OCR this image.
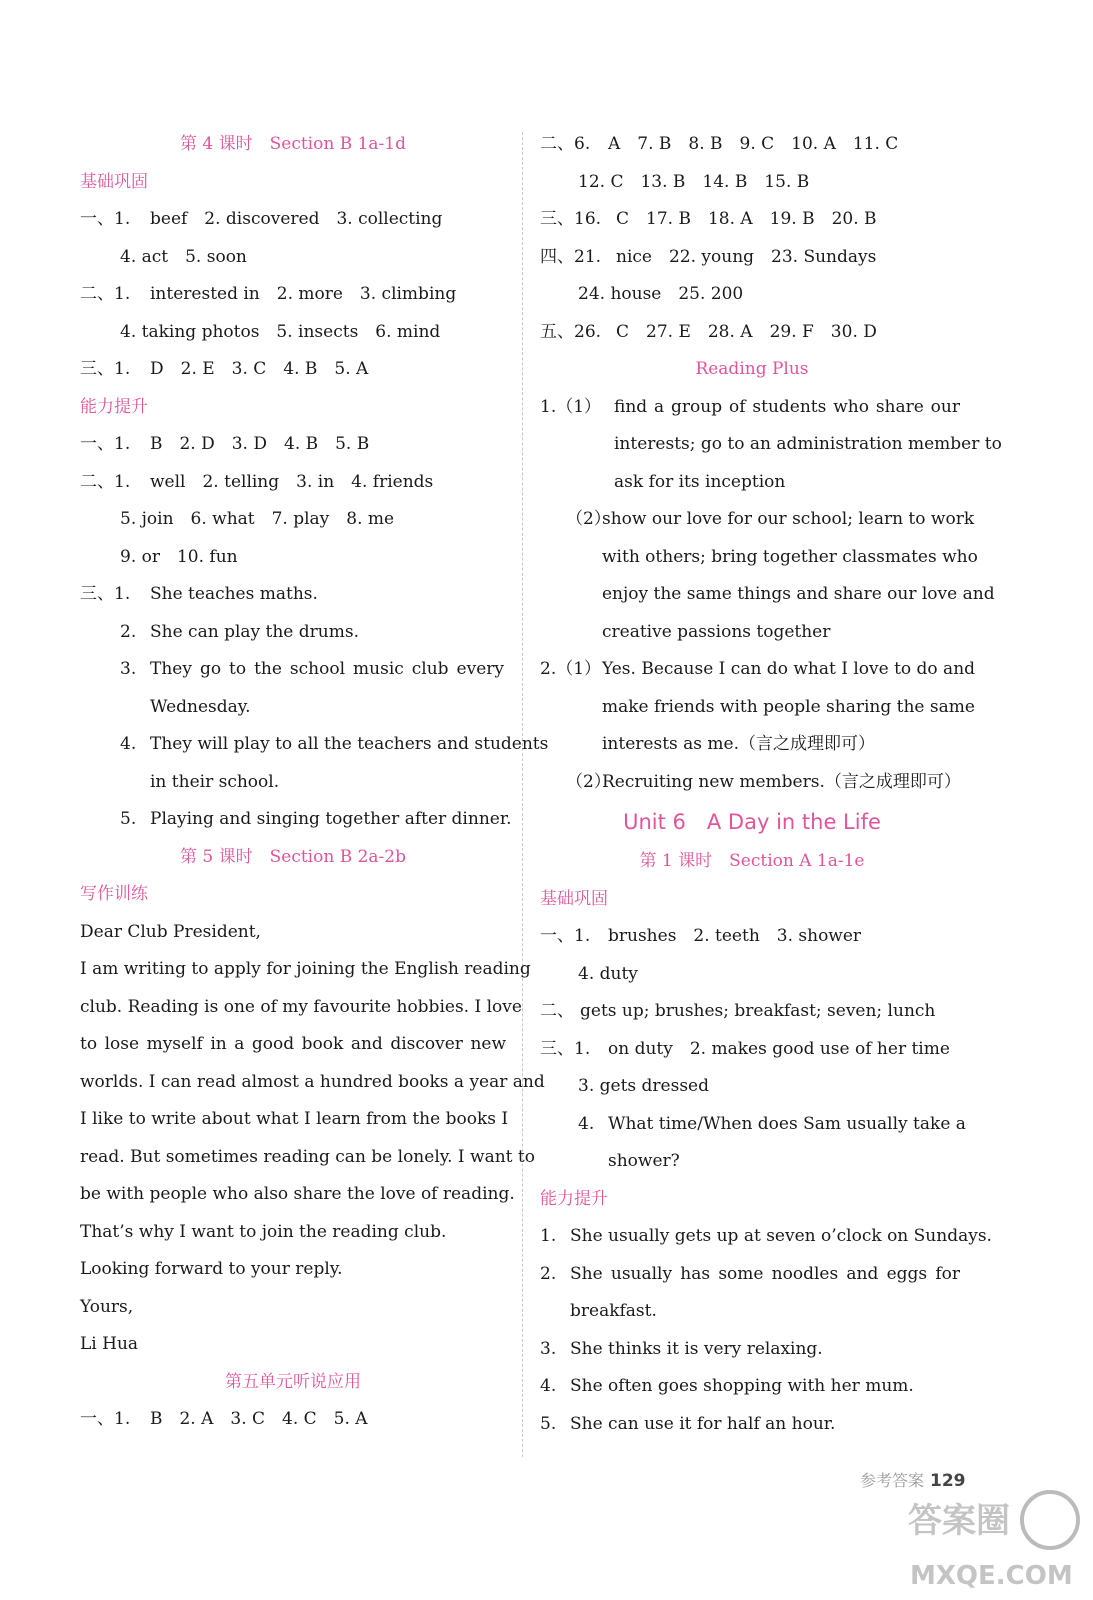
第 4 课时　Section B 1a-1d
基础巩固
一、1. beef　2. discovered　3. collecting
4. act　5. soon
二、1. interested in　2. more　3. climbing
4. taking photos　5. insects　6. mind
三、1. D　2. E　3. C　4. B　5. A
能力提升
一、1. B　2. D　3. D　4. B　5. B
二、1. well　2. telling　3. in　4. friends
5. join　6. what　7. play　8. me
9. or　10. fun
三、1. She teaches maths.
2. She can play the drums.
3. They go to the school music club every
Wednesday.
4. They will play to all the teachers and students
in their school.
5. Playing and singing together after dinner.
第 5 课时　Section B 2a-2b
写作训练
Dear Club President,
I am writing to apply for joining the English reading
club. Reading is one of my favourite hobbies. I love
to lose myself in a good book and discover new
worlds. I can read almost a hundred books a year and
I like to write about what I learn from the books I
read. But sometimes reading can be lonely. I want to
be with people who also share the love of reading.
That’s why I want to join the reading club.
Looking forward to your reply.
Yours,
Li Hua
第五单元听说应用
一、1. B　2. A　3. C　4. C　5. A
二、6. A　7. B　8. B　9. C　10. A　11. C
12. C　13. B　14. B　15. B
三、16. C　17. B　18. A　19. B　20. B
四、21. nice　22. young　23. Sundays
24. house　25. 200
五、26. C　27. E　28. A　29. F　30. D
Reading Plus
1.（1） find a group of students who share our
interests; go to an administration member to
ask for its inception
（2）
show our love for our school; learn to work
with others; bring together classmates who
enjoy the same things and share our love and
creative passions together
2.（1） Yes. Because I can do what I love to do and
make friends with people sharing the same
interests as me.（言之成理即可）
（2）
Recruiting new members.（言之成理即可）
Unit 6　A Day in the Life
第 1 课时　Section A 1a-1e
基础巩固
一、1. brushes　2. teeth　3. shower
4. duty
二、 gets up; brushes; breakfast; seven; lunch
三、1. on duty　2. makes good use of her time
3. gets dressed
4. What time/When does Sam usually take a
shower?
能力提升
1. She usually gets up at seven o’clock on Sundays.
2. She usually has some noodles and eggs for
breakfast.
3. She thinks it is very relaxing.
4. She often goes shopping with her mum.
5. She can use it for half an hour.
参考答案 129
答案圈
MXQE.COM
